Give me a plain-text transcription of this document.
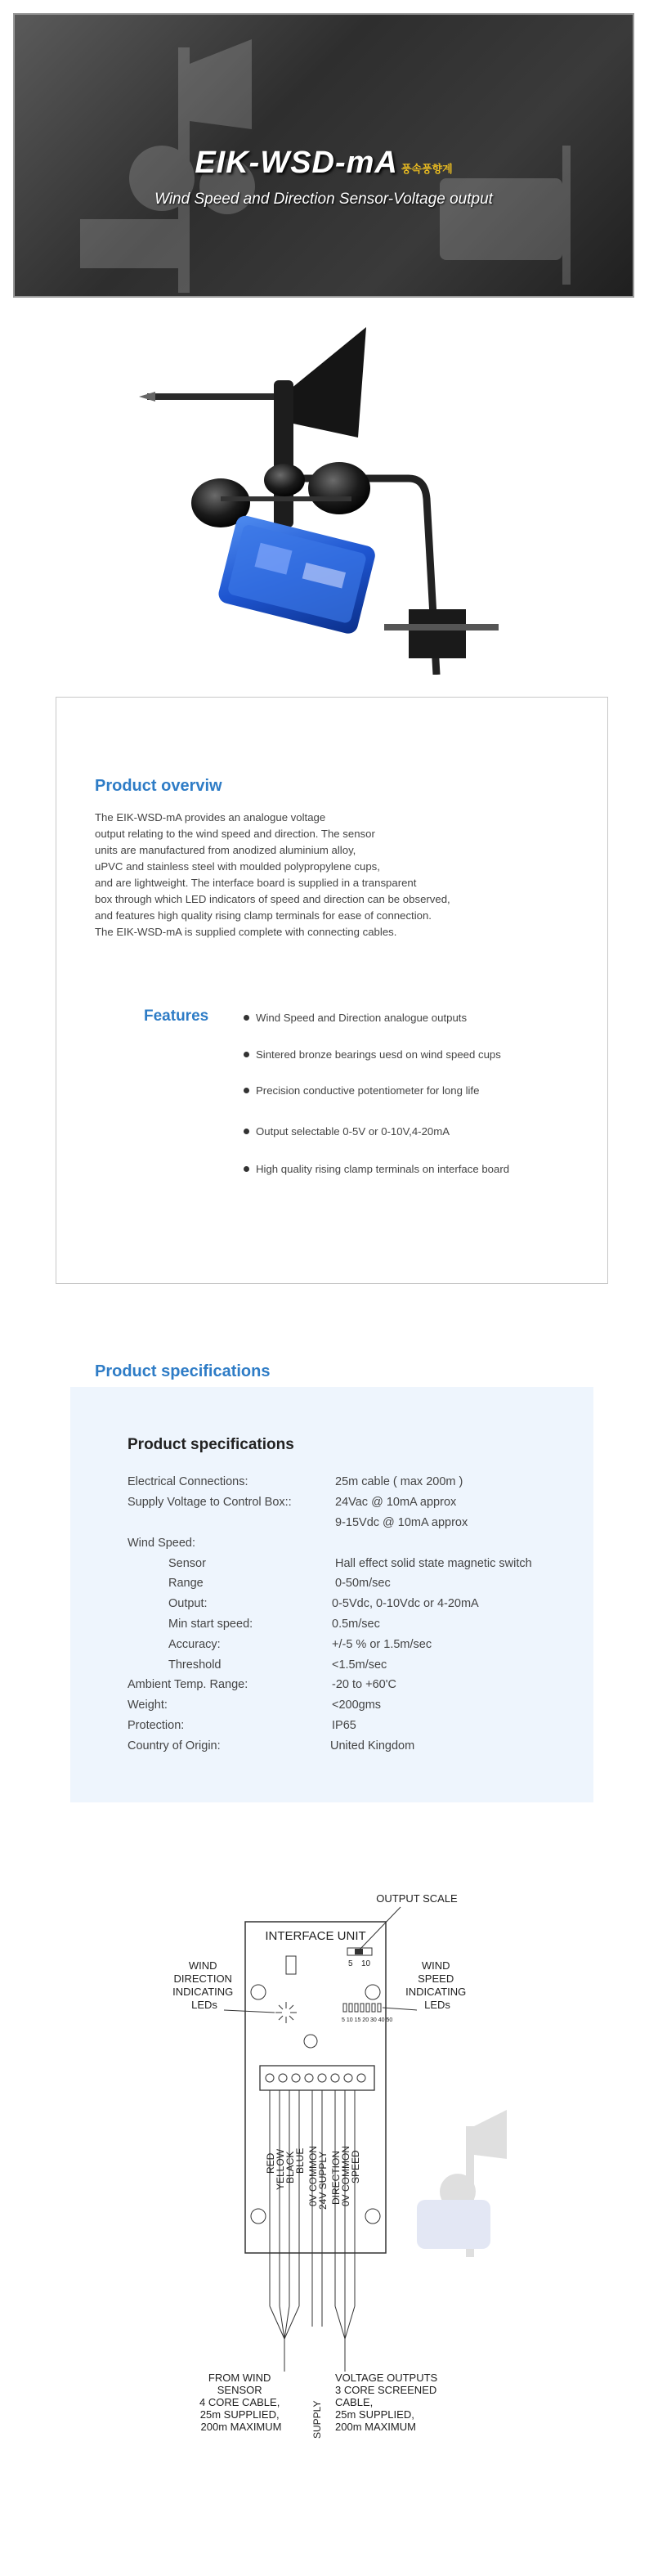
EIK-WSD-mA 풍속풍향계
Wind Speed and Direction Sensor-Voltage output
Product overviw
The EIK-WSD-mA provides an analogue voltage
output relating to the wind speed and direction. The sensor
units are manufactured from anodized aluminium alloy,
uPVC and stainless steel with moulded polypropylene cups,
and are lightweight. The interface board is supplied in a transparent
box through which LED indicators of speed and direction can be observed,
and features high quality rising clamp terminals for ease of connection.
The EIK-WSD-mA is supplied complete with connecting cables.
Features	Wind Speed and Direction analogue outputs
Sintered bronze bearings uesd on wind speed cups
Precision conductive potentiometer for long life
Output selectable 0-5V or 0-10V,4-20mA
High quality rising clamp terminals on interface board
Product specifications
Product specifications
Electrical Connections:	25m cable ( max 200m )
Supply Voltage to Control Box::	24Vac @ 10mA approx
9-15Vdc @ 10mA approx
Wind Speed:
Sensor	Hall effect solid state magnetic switch
Range	0-50m/sec
Output:	0-5Vdc, 0-10Vdc or 4-20mA
Min start speed:	0.5m/sec
Accuracy:	+/-5 % or 1.5m/sec
Threshold	<1.5m/sec
Ambient Temp. Range:	-20 to +60'C
Weight:	<200gms
Protection:	IP65
Country of Origin:	United Kingdom
INTERFACE UNIT
OUTPUT SCALE
5 10
5 10 15 20 30 40 50
WIND DIRECTION INDICATING LEDs
WIND SPEED INDICATING LEDs
RED
YELLOW
BLACK
BLUE 0V COMMON
24V SUPPLY DIRECTION
0V COMMON
SPEED
FROM WIND SENSOR 4 CORE CABLE, 25m SUPPLIED, 200m MAXIMUM	SUPPLY
VOLTAGE OUTPUTS 3 CORE SCREENED CABLE, 25m SUPPLIED, 200m MAXIMUM
